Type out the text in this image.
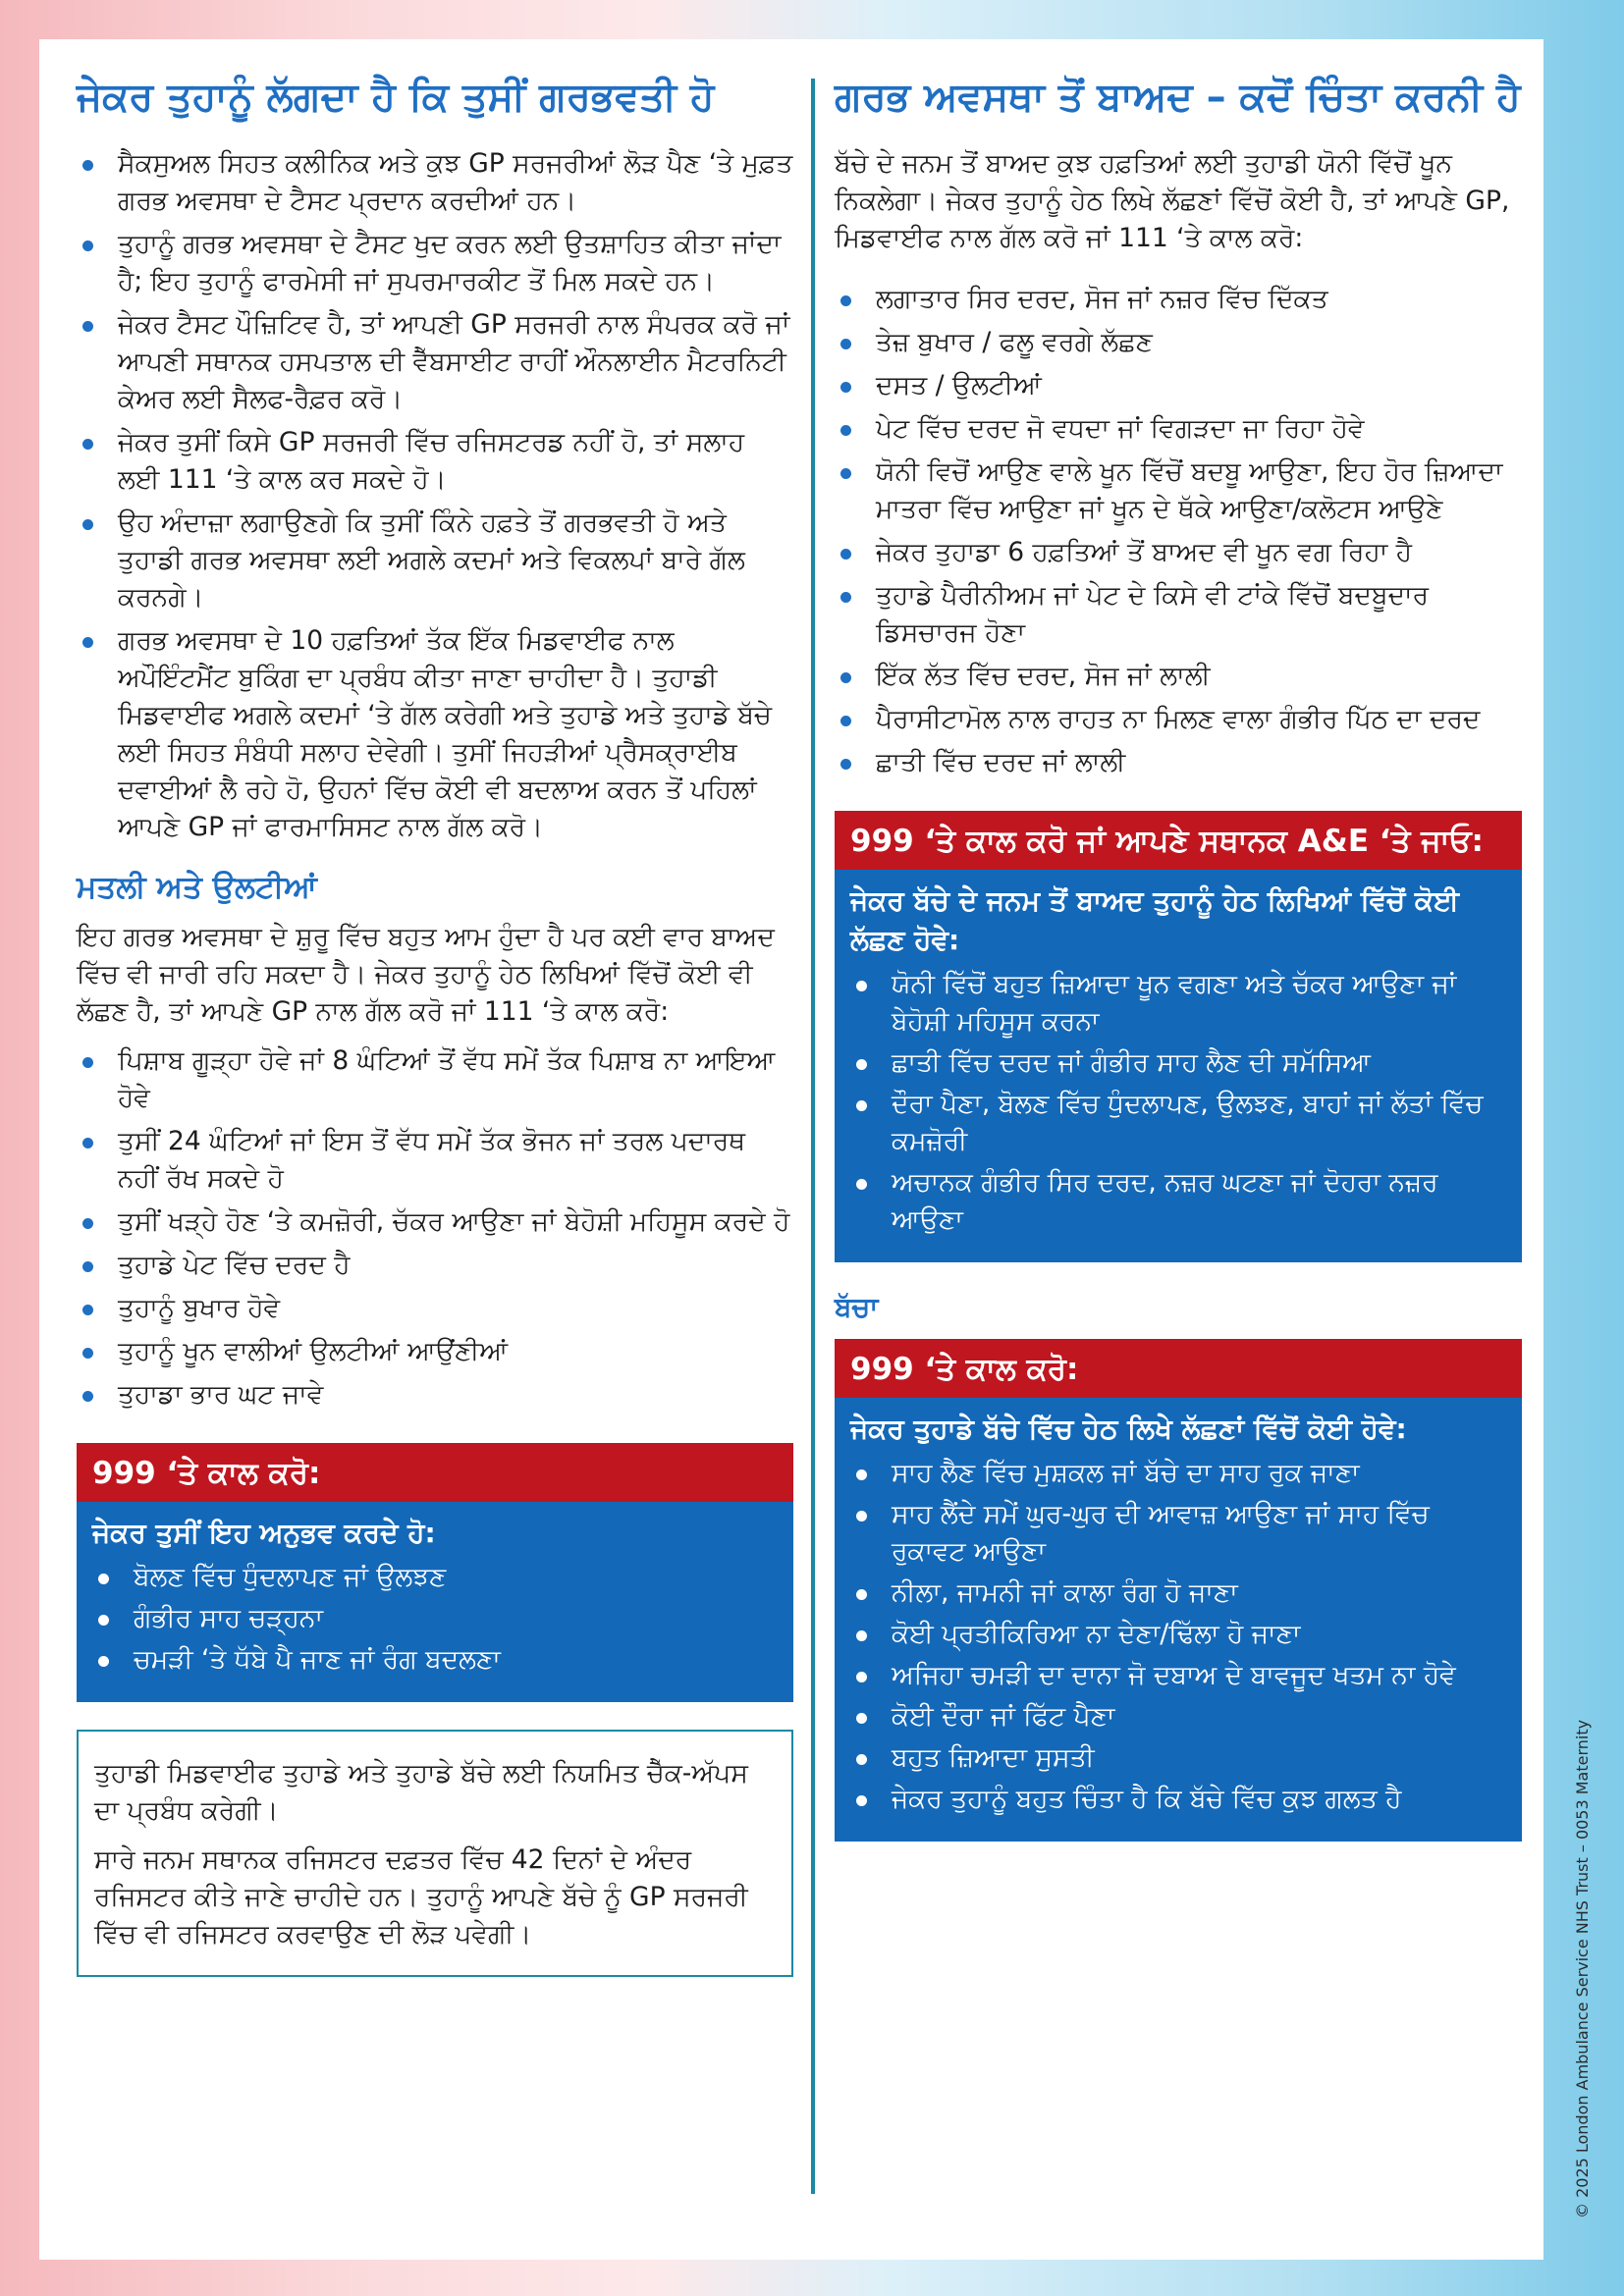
ਜੇਕਰ ਤੁਹਾਨੂੰ ਲੱਗਦਾ ਹੈ ਕਿ ਤੁਸੀਂ ਗਰਭਵਤੀ ਹੋ
ਸੈਕਸੁਅਲ ਸਿਹਤ ਕਲੀਨਿਕ ਅਤੇ ਕੁਝ GP ਸਰਜਰੀਆਂ ਲੋੜ ਪੈਣ ‘ਤੇ ਮੁਫ਼ਤ ਗਰਭ ਅਵਸਥਾ ਦੇ ਟੈਸਟ ਪ੍ਰਦਾਨ ਕਰਦੀਆਂ ਹਨ।
ਤੁਹਾਨੂੰ ਗਰਭ ਅਵਸਥਾ ਦੇ ਟੈਸਟ ਖੁਦ ਕਰਨ ਲਈ ਉਤਸ਼ਾਹਿਤ ਕੀਤਾ ਜਾਂਦਾ ਹੈ; ਇਹ ਤੁਹਾਨੂੰ ਫਾਰਮੇਸੀ ਜਾਂ ਸੁਪਰਮਾਰਕੀਟ ਤੋਂ ਮਿਲ ਸਕਦੇ ਹਨ।
ਜੇਕਰ ਟੈਸਟ ਪੌਜ਼ਿਟਿਵ ਹੈ, ਤਾਂ ਆਪਣੀ GP ਸਰਜਰੀ ਨਾਲ ਸੰਪਰਕ ਕਰੋ ਜਾਂ ਆਪਣੀ ਸਥਾਨਕ ਹਸਪਤਾਲ ਦੀ ਵੈੱਬਸਾਈਟ ਰਾਹੀਂ ਔਨਲਾਈਨ ਮੈਟਰਨਿਟੀ ਕੇਅਰ ਲਈ ਸੈਲਫ-ਰੈਫ਼ਰ ਕਰੋ।
ਜੇਕਰ ਤੁਸੀਂ ਕਿਸੇ GP ਸਰਜਰੀ ਵਿੱਚ ਰਜਿਸਟਰਡ ਨਹੀਂ ਹੋ, ਤਾਂ ਸਲਾਹ ਲਈ 111 ‘ਤੇ ਕਾਲ ਕਰ ਸਕਦੇ ਹੋ।
ਉਹ ਅੰਦਾਜ਼ਾ ਲਗਾਉਣਗੇ ਕਿ ਤੁਸੀਂ ਕਿੰਨੇ ਹਫ਼ਤੇ ਤੋਂ ਗਰਭਵਤੀ ਹੋ ਅਤੇ ਤੁਹਾਡੀ ਗਰਭ ਅਵਸਥਾ ਲਈ ਅਗਲੇ ਕਦਮਾਂ ਅਤੇ ਵਿਕਲਪਾਂ ਬਾਰੇ ਗੱਲ ਕਰਨਗੇ।
ਗਰਭ ਅਵਸਥਾ ਦੇ 10 ਹਫ਼ਤਿਆਂ ਤੱਕ ਇੱਕ ਮਿਡਵਾਈਫ ਨਾਲ ਅਪੌਇੰਟਮੈਂਟ ਬੁਕਿੰਗ ਦਾ ਪ੍ਰਬੰਧ ਕੀਤਾ ਜਾਣਾ ਚਾਹੀਦਾ ਹੈ। ਤੁਹਾਡੀ ਮਿਡਵਾਈਫ ਅਗਲੇ ਕਦਮਾਂ ‘ਤੇ ਗੱਲ ਕਰੇਗੀ ਅਤੇ ਤੁਹਾਡੇ ਅਤੇ ਤੁਹਾਡੇ ਬੱਚੇ ਲਈ ਸਿਹਤ ਸੰਬੰਧੀ ਸਲਾਹ ਦੇਵੇਗੀ। ਤੁਸੀਂ ਜਿਹੜੀਆਂ ਪ੍ਰੈਸਕ੍ਰਾਈਬ ਦਵਾਈਆਂ ਲੈ ਰਹੇ ਹੋ, ਉਹਨਾਂ ਵਿੱਚ ਕੋਈ ਵੀ ਬਦਲਾਅ ਕਰਨ ਤੋਂ ਪਹਿਲਾਂ ਆਪਣੇ GP ਜਾਂ ਫਾਰਮਾਸਿਸਟ ਨਾਲ ਗੱਲ ਕਰੋ।
ਮਤਲੀ ਅਤੇ ਉਲਟੀਆਂ

ਇਹ ਗਰਭ ਅਵਸਥਾ ਦੇ ਸ਼ੁਰੂ ਵਿੱਚ ਬਹੁਤ ਆਮ ਹੁੰਦਾ ਹੈ ਪਰ ਕਈ ਵਾਰ ਬਾਅਦ ਵਿੱਚ ਵੀ ਜਾਰੀ ਰਹਿ ਸਕਦਾ ਹੈ। ਜੇਕਰ ਤੁਹਾਨੂੰ ਹੇਠ ਲਿਖਿਆਂ ਵਿੱਚੋਂ ਕੋਈ ਵੀ ਲੱਛਣ ਹੈ, ਤਾਂ ਆਪਣੇ GP ਨਾਲ ਗੱਲ ਕਰੋ ਜਾਂ 111 ‘ਤੇ ਕਾਲ ਕਰੋ:

ਪਿਸ਼ਾਬ ਗੂੜ੍ਹਾ ਹੋਵੇ ਜਾਂ 8 ਘੰਟਿਆਂ ਤੋਂ ਵੱਧ ਸਮੇਂ ਤੱਕ ਪਿਸ਼ਾਬ ਨਾ ਆਇਆ ਹੋਵੇ
ਤੁਸੀਂ 24 ਘੰਟਿਆਂ ਜਾਂ ਇਸ ਤੋਂ ਵੱਧ ਸਮੇਂ ਤੱਕ ਭੋਜਨ ਜਾਂ ਤਰਲ ਪਦਾਰਥ ਨਹੀਂ ਰੱਖ ਸਕਦੇ ਹੋ
ਤੁਸੀਂ ਖੜ੍ਹੇ ਹੋਣ ‘ਤੇ ਕਮਜ਼ੋਰੀ, ਚੱਕਰ ਆਉਣਾ ਜਾਂ ਬੇਹੋਸ਼ੀ ਮਹਿਸੂਸ ਕਰਦੇ ਹੋ
ਤੁਹਾਡੇ ਪੇਟ ਵਿੱਚ ਦਰਦ ਹੈ
ਤੁਹਾਨੂੰ ਬੁਖਾਰ ਹੋਵੇ
ਤੁਹਾਨੂੰ ਖੂਨ ਵਾਲੀਆਂ ਉਲਟੀਆਂ ਆਉਂਣੀਆਂ
ਤੁਹਾਡਾ ਭਾਰ ਘਟ ਜਾਵੇ
999 ‘ਤੇ ਕਾਲ ਕਰੋ:
ਜੇਕਰ ਤੁਸੀਂ ਇਹ ਅਨੁਭਵ ਕਰਦੇ ਹੋ:
ਬੋਲਣ ਵਿੱਚ ਧੁੰਦਲਾਪਣ ਜਾਂ ਉਲਝਣ
ਗੰਭੀਰ ਸਾਹ ਚੜ੍ਹਨਾ
ਚਮੜੀ ‘ਤੇ ਧੱਬੇ ਪੈ ਜਾਣ ਜਾਂ ਰੰਗ ਬਦਲਣਾ

ਤੁਹਾਡੀ ਮਿਡਵਾਈਫ ਤੁਹਾਡੇ ਅਤੇ ਤੁਹਾਡੇ ਬੱਚੇ ਲਈ ਨਿਯਮਿਤ ਚੈੱਕ-ਅੱਪਸ ਦਾ ਪ੍ਰਬੰਧ ਕਰੇਗੀ।

ਸਾਰੇ ਜਨਮ ਸਥਾਨਕ ਰਜਿਸਟਰ ਦਫ਼ਤਰ ਵਿੱਚ 42 ਦਿਨਾਂ ਦੇ ਅੰਦਰ ਰਜਿਸਟਰ ਕੀਤੇ ਜਾਣੇ ਚਾਹੀਦੇ ਹਨ। ਤੁਹਾਨੂੰ ਆਪਣੇ ਬੱਚੇ ਨੂੰ GP ਸਰਜਰੀ ਵਿੱਚ ਵੀ ਰਜਿਸਟਰ ਕਰਵਾਉਣ ਦੀ ਲੋੜ ਪਵੇਗੀ।

ਗਰਭ ਅਵਸਥਾ ਤੋਂ ਬਾਅਦ – ਕਦੋਂ ਚਿੰਤਾ ਕਰਨੀ ਹੈ

ਬੱਚੇ ਦੇ ਜਨਮ ਤੋਂ ਬਾਅਦ ਕੁਝ ਹਫ਼ਤਿਆਂ ਲਈ ਤੁਹਾਡੀ ਯੋਨੀ ਵਿੱਚੋਂ ਖੂਨ ਨਿਕਲੇਗਾ। ਜੇਕਰ ਤੁਹਾਨੂੰ ਹੇਠ ਲਿਖੇ ਲੱਛਣਾਂ ਵਿੱਚੋਂ ਕੋਈ ਹੈ, ਤਾਂ ਆਪਣੇ GP, ਮਿਡਵਾਈਫ ਨਾਲ ਗੱਲ ਕਰੋ ਜਾਂ 111 ‘ਤੇ ਕਾਲ ਕਰੋ:

ਲਗਾਤਾਰ ਸਿਰ ਦਰਦ, ਸੋਜ ਜਾਂ ਨਜ਼ਰ ਵਿੱਚ ਦਿੱਕਤ
ਤੇਜ਼ ਬੁਖਾਰ / ਫਲੂ ਵਰਗੇ ਲੱਛਣ
ਦਸਤ / ਉਲਟੀਆਂ
ਪੇਟ ਵਿੱਚ ਦਰਦ ਜੋ ਵਧਦਾ ਜਾਂ ਵਿਗੜਦਾ ਜਾ ਰਿਹਾ ਹੋਵੇ
ਯੋਨੀ ਵਿਚੋਂ ਆਉਣ ਵਾਲੇ ਖੂਨ ਵਿੱਚੋਂ ਬਦਬੂ ਆਉਣਾ, ਇਹ ਹੋਰ ਜ਼ਿਆਦਾ ਮਾਤਰਾ ਵਿੱਚ ਆਉਣਾ ਜਾਂ ਖੂਨ ਦੇ ਥੱਕੇ ਆਉਣਾ/ਕਲੋਟਸ ਆਉਣੇ
ਜੇਕਰ ਤੁਹਾਡਾ 6 ਹਫ਼ਤਿਆਂ ਤੋਂ ਬਾਅਦ ਵੀ ਖੂਨ ਵਗ ਰਿਹਾ ਹੈ
ਤੁਹਾਡੇ ਪੈਰੀਨੀਅਮ ਜਾਂ ਪੇਟ ਦੇ ਕਿਸੇ ਵੀ ਟਾਂਕੇ ਵਿੱਚੋਂ ਬਦਬੂਦਾਰ ਡਿਸਚਾਰਜ ਹੋਣਾ
ਇੱਕ ਲੱਤ ਵਿੱਚ ਦਰਦ, ਸੋਜ ਜਾਂ ਲਾਲੀ
ਪੈਰਾਸੀਟਾਮੋਲ ਨਾਲ ਰਾਹਤ ਨਾ ਮਿਲਣ ਵਾਲਾ ਗੰਭੀਰ ਪਿੱਠ ਦਾ ਦਰਦ
ਛਾਤੀ ਵਿੱਚ ਦਰਦ ਜਾਂ ਲਾਲੀ
999 ‘ਤੇ ਕਾਲ ਕਰੋ ਜਾਂ ਆਪਣੇ ਸਥਾਨਕ A&E ‘ਤੇ ਜਾਓ:
ਜੇਕਰ ਬੱਚੇ ਦੇ ਜਨਮ ਤੋਂ ਬਾਅਦ ਤੁਹਾਨੂੰ ਹੇਠ ਲਿਖਿਆਂ ਵਿੱਚੋਂ ਕੋਈ ਲੱਛਣ ਹੋਵੇ:
ਯੋਨੀ ਵਿੱਚੋਂ ਬਹੁਤ ਜ਼ਿਆਦਾ ਖੂਨ ਵਗਣਾ ਅਤੇ ਚੱਕਰ ਆਉਣਾ ਜਾਂ ਬੇਹੋਸ਼ੀ ਮਹਿਸੂਸ ਕਰਨਾ
ਛਾਤੀ ਵਿੱਚ ਦਰਦ ਜਾਂ ਗੰਭੀਰ ਸਾਹ ਲੈਣ ਦੀ ਸਮੱਸਿਆ
ਦੌਰਾ ਪੈਣਾ, ਬੋਲਣ ਵਿੱਚ ਧੁੰਦਲਾਪਣ, ਉਲਝਣ, ਬਾਹਾਂ ਜਾਂ ਲੱਤਾਂ ਵਿੱਚ ਕਮਜ਼ੋਰੀ
ਅਚਾਨਕ ਗੰਭੀਰ ਸਿਰ ਦਰਦ, ਨਜ਼ਰ ਘਟਣਾ ਜਾਂ ਦੋਹਰਾ ਨਜ਼ਰ ਆਉਣਾ
ਬੱਚਾ
999 ‘ਤੇ ਕਾਲ ਕਰੋ:
ਜੇਕਰ ਤੁਹਾਡੇ ਬੱਚੇ ਵਿੱਚ ਹੇਠ ਲਿਖੇ ਲੱਛਣਾਂ ਵਿੱਚੋਂ ਕੋਈ ਹੋਵੇ:
ਸਾਹ ਲੈਣ ਵਿੱਚ ਮੁਸ਼ਕਲ ਜਾਂ ਬੱਚੇ ਦਾ ਸਾਹ ਰੁਕ ਜਾਣਾ
ਸਾਹ ਲੈਂਦੇ ਸਮੇਂ ਘੁਰ-ਘੁਰ ਦੀ ਆਵਾਜ਼ ਆਉਣਾ ਜਾਂ ਸਾਹ ਵਿੱਚ ਰੁਕਾਵਟ ਆਉਣਾ
ਨੀਲਾ, ਜਾਮਨੀ ਜਾਂ ਕਾਲਾ ਰੰਗ ਹੋ ਜਾਣਾ
ਕੋਈ ਪ੍ਰਤੀਕਿਰਿਆ ਨਾ ਦੇਣਾ/ਢਿੱਲਾ ਹੋ ਜਾਣਾ
ਅਜਿਹਾ ਚਮੜੀ ਦਾ ਦਾਨਾ ਜੋ ਦਬਾਅ ਦੇ ਬਾਵਜੂਦ ਖਤਮ ਨਾ ਹੋਵੇ
ਕੋਈ ਦੌਰਾ ਜਾਂ ਫਿੱਟ ਪੈਣਾ
ਬਹੁਤ ਜ਼ਿਆਦਾ ਸੁਸਤੀ
ਜੇਕਰ ਤੁਹਾਨੂੰ ਬਹੁਤ ਚਿੰਤਾ ਹੈ ਕਿ ਬੱਚੇ ਵਿੱਚ ਕੁਝ ਗਲਤ ਹੈ	© 2025 London Ambulance Service NHS Trust – 0053 Maternity
